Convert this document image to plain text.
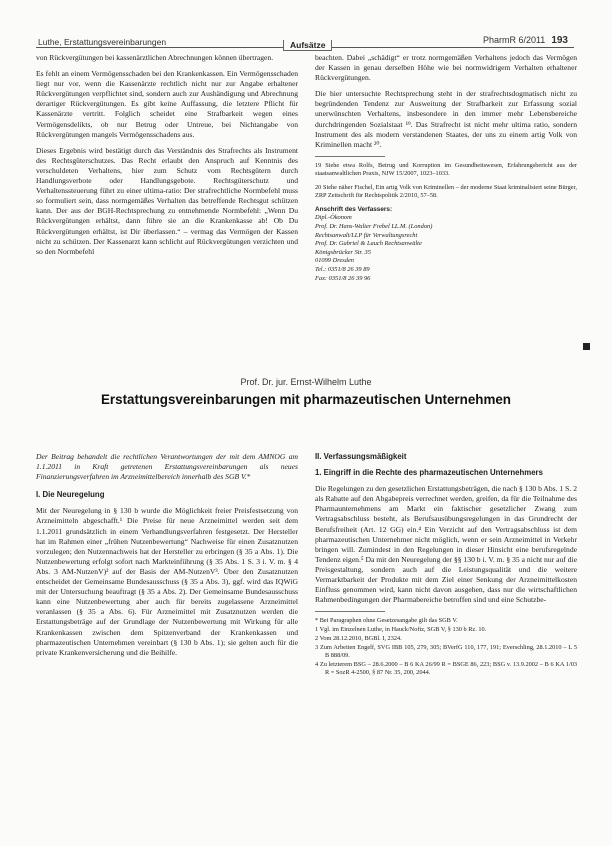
Luthe, Erstattungsvereinbarungen	Aufsätze	PharmR 6/2011 193

von Rückvergütungen bei kassenärztlichen Abrechnungen können übertragen.

Es fehlt an einem Vermögensschaden bei den Krankenkassen. Ein Vermögensschaden liegt nur vor, wenn die Kassenärzte rechtlich nicht nur zur Angabe erhaltener Rückvergütungen verpflichtet sind, sondern auch zur Aushändigung und Abrechnung derartiger Rückvergütungen. Es gibt keine Auffassung, die letztere Pflicht für Kassenärzte vertritt. Folglich scheidet eine Strafbarkeit wegen eines Vermögensdelikts, ob nur Betrug oder Untreue, bei Nichtangabe von Rückvergütungen mangels Vermögensschadens aus.

Dieses Ergebnis wird bestätigt durch das Verständnis des Strafrechts als Instrument des Rechtsgüterschutzes. Das Recht erlaubt den Anspruch auf Kenntnis des verschuldeten Verhaltens, hier zum Schutz vom Rechtsgütern durch Handlungsverbote oder Handlungsgebote. Rechtsgüterschutz und Verhaltenssteuerung führt zu einer ultima-ratio: Der strafrechtliche Normbefehl muss so formuliert sein, dass normgemäßes Verhalten das betreffende Rechtsgut schützen kann. Der aus der BGH-Rechtsprechung zu entnehmende Normbefehl: „Wenn Du Rückvergütungen erhältst, dann führe sie an die Krankenkasse ab! Ob Du Rückvergütungen erhältst, ist Dir überlassen.“ – vermag das Vermögen der Kassen nicht zu schützen. Der Kassenarzt kann schlicht auf Rückvergütungen verzichten und so den Normbefehl

beachten. Dabei „schädigt“ er trotz normgemäßen Verhaltens jedoch das Vermögen der Kassen in genau derselben Höhe wie bei normwidrigem Verhalten erhaltener Rückvergütungen.

Die hier untersuchte Rechtsprechung steht in der strafrechtsdogmatisch nicht zu begründenden Tendenz zur Ausweitung der Strafbarkeit zur Erfassung sozial unerwünschten Verhaltens, insbesondere in den immer mehr Lebensbereiche durchdringenden Sozialstaat ¹⁹. Das Strafrecht ist nicht mehr ultima ratio, sondern Instrument des als modern verstandenen Staates, der uns zu einem artig Volk von Kriminellen macht ²⁰.

19 Siehe etwa Rolfs, Betrug und Korruption im Gesundheitswesen, Erfahrungsbericht aus der staatsanwaltlichen Praxis, NJW 15/2007, 1023–1033.

20 Siehe näher Fischel, Ein artig Volk von Kriminellen – der moderne Staat kriminalisiert seine Bürger, ZRP Zeitschrift für Rechtspolitik 2/2010, 57–58.

Anschrift des Verfassers:
Dipl.-Ökonom
Prof. Dr. Hans-Walter Frebel LL.M. (London)
Rechtsanwalt/LLP für Verwaltungsrecht
Prof. Dr. Gabriel & Lauch Rechtsanwälte
Königsbrücker Str. 35
01099 Dresden
Tel.: 0351/8 26 39 89
Fax: 0351/8 26 39 96
Prof. Dr. jur. Ernst-Wilhelm Luthe
Erstattungsvereinbarungen mit pharmazeutischen Unternehmen

Der Beitrag behandelt die rechtlichen Verantwortungen der mit dem AMNOG am 1.1.2011 in Kraft getretenen Erstattungsvereinbarungen als neues Finanzierungsverfahren im Arzneimittelbereich innerhalb des SGB V.*

I. Die Neuregelung

Mit der Neuregelung in § 130 b wurde die Möglichkeit freier Preisfestsetzung von Arzneimitteln abgeschafft.¹ Die Preise für neue Arzneimittel werden seit dem 1.1.2011 grundsätzlich in einem Verhandlungsverfahren festgesetzt. Der Hersteller hat im Rahmen einer „frühen Nutzenbewertung“ Nachweise für einen Zusatznutzen vorzulegen; den Nutzennachweis hat der Hersteller zu erbringen (§ 35 a Abs. 1). Die Nutzenbewertung erfolgt sofort nach Markteinführung (§ 35 Abs. 1 S. 3 i. V. m. § 4 Abs. 3 AM-NutzenV)² auf der Basis der AM-NutzenV³. Über den Zusatznutzen entscheidet der Gemeinsame Bundesausschuss (§ 35 a Abs. 3), ggf. wird das IQWiG mit der Untersuchung beauftragt (§ 35 a Abs. 2). Der Gemeinsame Bundesausschuss kann eine Nutzenbewertung aber auch für bereits zugelassene Arzneimittel veranlassen (§ 35 a Abs. 6). Für Arzneimittel mit Zusatznutzen werden die Erstattungsbeträge auf der Grundlage der Nutzenbewertung mit Wirkung für alle Krankenkassen zwischen dem Spitzenverband der Krankenkassen und pharmazeutischen Unternehmen vereinbart (§ 130 b Abs. 1); sie gelten auch für die private Krankenversicherung und die Beihilfe.

II. Verfassungsmäßigkeit
1. Eingriff in die Rechte des pharmazeutischen Unternehmers

Die Regelungen zu den gesetzlichen Erstattungsbeträgen, die nach § 130 b Abs. 1 S. 2 als Rabatte auf den Abgabepreis verrechnet werden, greifen, da für die Teilnahme des Pharmaunternehmens am Markt ein faktischer gesetzlicher Zwang zum Vertragsabschluss besteht, als Berufsausübungsregelungen in das Grundrecht der Berufsfreiheit (Art. 12 GG) ein.⁴ Ein Verzicht auf den Vertragsabschluss ist dem pharmazeutischen Unternehmer nicht möglich, wenn er sein Arzneimittel in Verkehr bringen will. Zumindest in den Regelungen in dieser Hinsicht eine berufsregelnde Tendenz eigen.⁵ Da mit den Neuregelung der §§ 130 b i. V. m. § 35 a nicht nur auf die Preisgestaltung, sondern auch auf die Leistungsqualität und die weitere Vermarktbarkeit der Produkte mit dem Ziel einer Senkung der Arzneimittelkosten Einfluss genommen wird, kann nicht davon ausgehen, dass nur die wirtschaftlichen Rahmenbedingungen der Pharmabereiche betroffen sind und eine Schutzbe-

* Bei Paragraphen ohne Gesetzesangabe gilt das SGB V.

1 Vgl. im Einzelnen Luthe, in Hauck/Noftz, SGB V, § 130 b Rz. 10.

2 Vom 28.12.2010, BGBl. I, 2324.

3 Zum Arbeiten Engelf, SVG IBB 105, 279, 305; BVerfG 110, 177, 191; Everschling, 28.1.2010 – L 5 B 888/09.

4 Zu letzterem BSG – 28.6.2000 – B 6 KA 26/99 R = BSGE 86, 223; BSG v. 13.9.2002 – B 6 KA 1/03 R = SozR 4-2500, § 87 Nr. 35, 200, 2044.
